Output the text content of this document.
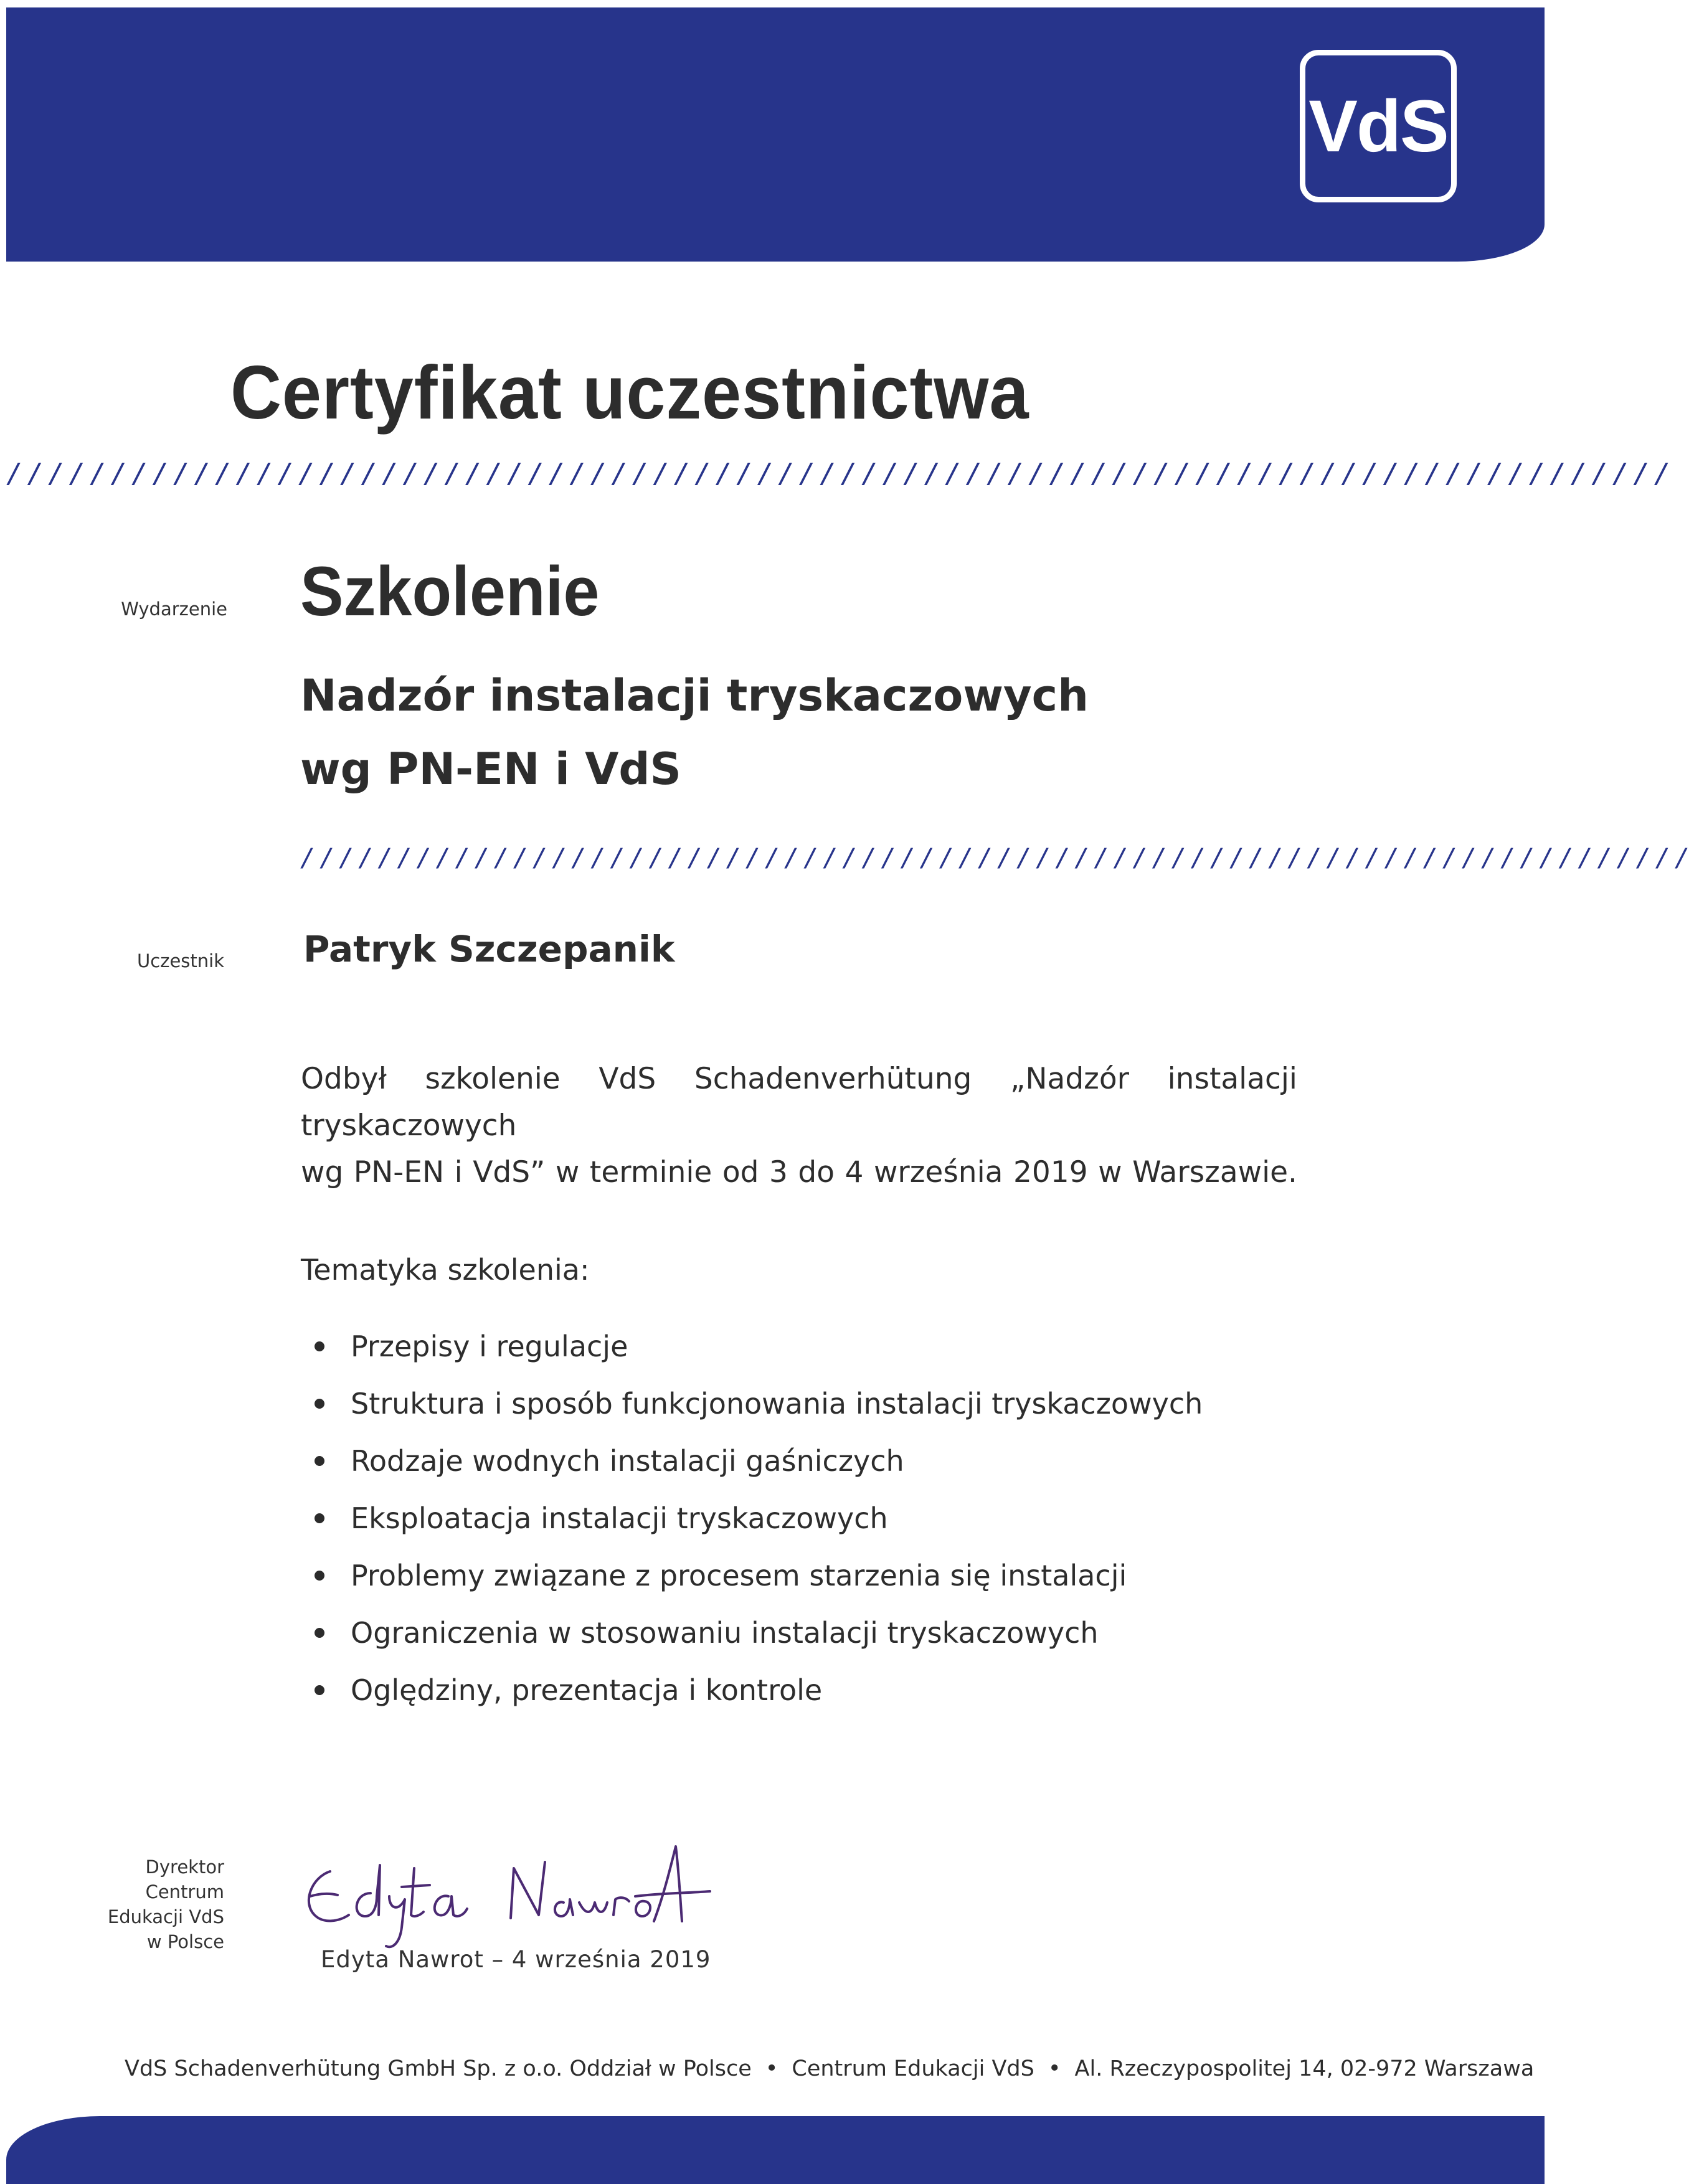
VdS
Certyfikat uczestnictwa
////////////////////////////////////////////////////////////////////////////////
Wydarzenie Szkolenie
Nadzór instalacji tryskaczowych
wg PN-EN i VdS
////////////////////////////////////////////////////////////////////////
Uczestnik Patryk Szczepanik
Odbył szkolenie VdS Schadenverhütung „Nadzór instalacji tryskaczowych
wg PN-EN i VdS” w terminie od 3 do 4 września 2019 w Warszawie.
Tematyka szkolenia:
Przepisy i regulacje
Struktura i sposób funkcjonowania instalacji tryskaczowych
Rodzaje wodnych instalacji gaśniczych
Eksploatacja instalacji tryskaczowych
Problemy związane z procesem starzenia się instalacji
Ograniczenia w stosowaniu instalacji tryskaczowych
Oględziny, prezentacja i kontrole
Dyrektor
Centrum
Edukacji VdS
w Polsce
Edyta Nawrot – 4 września 2019
VdS Schadenverhütung GmbH Sp. z o.o. Oddział w Polsce • Centrum Edukacji VdS • Al. Rzeczypospolitej 14, 02-972 Warszawa
